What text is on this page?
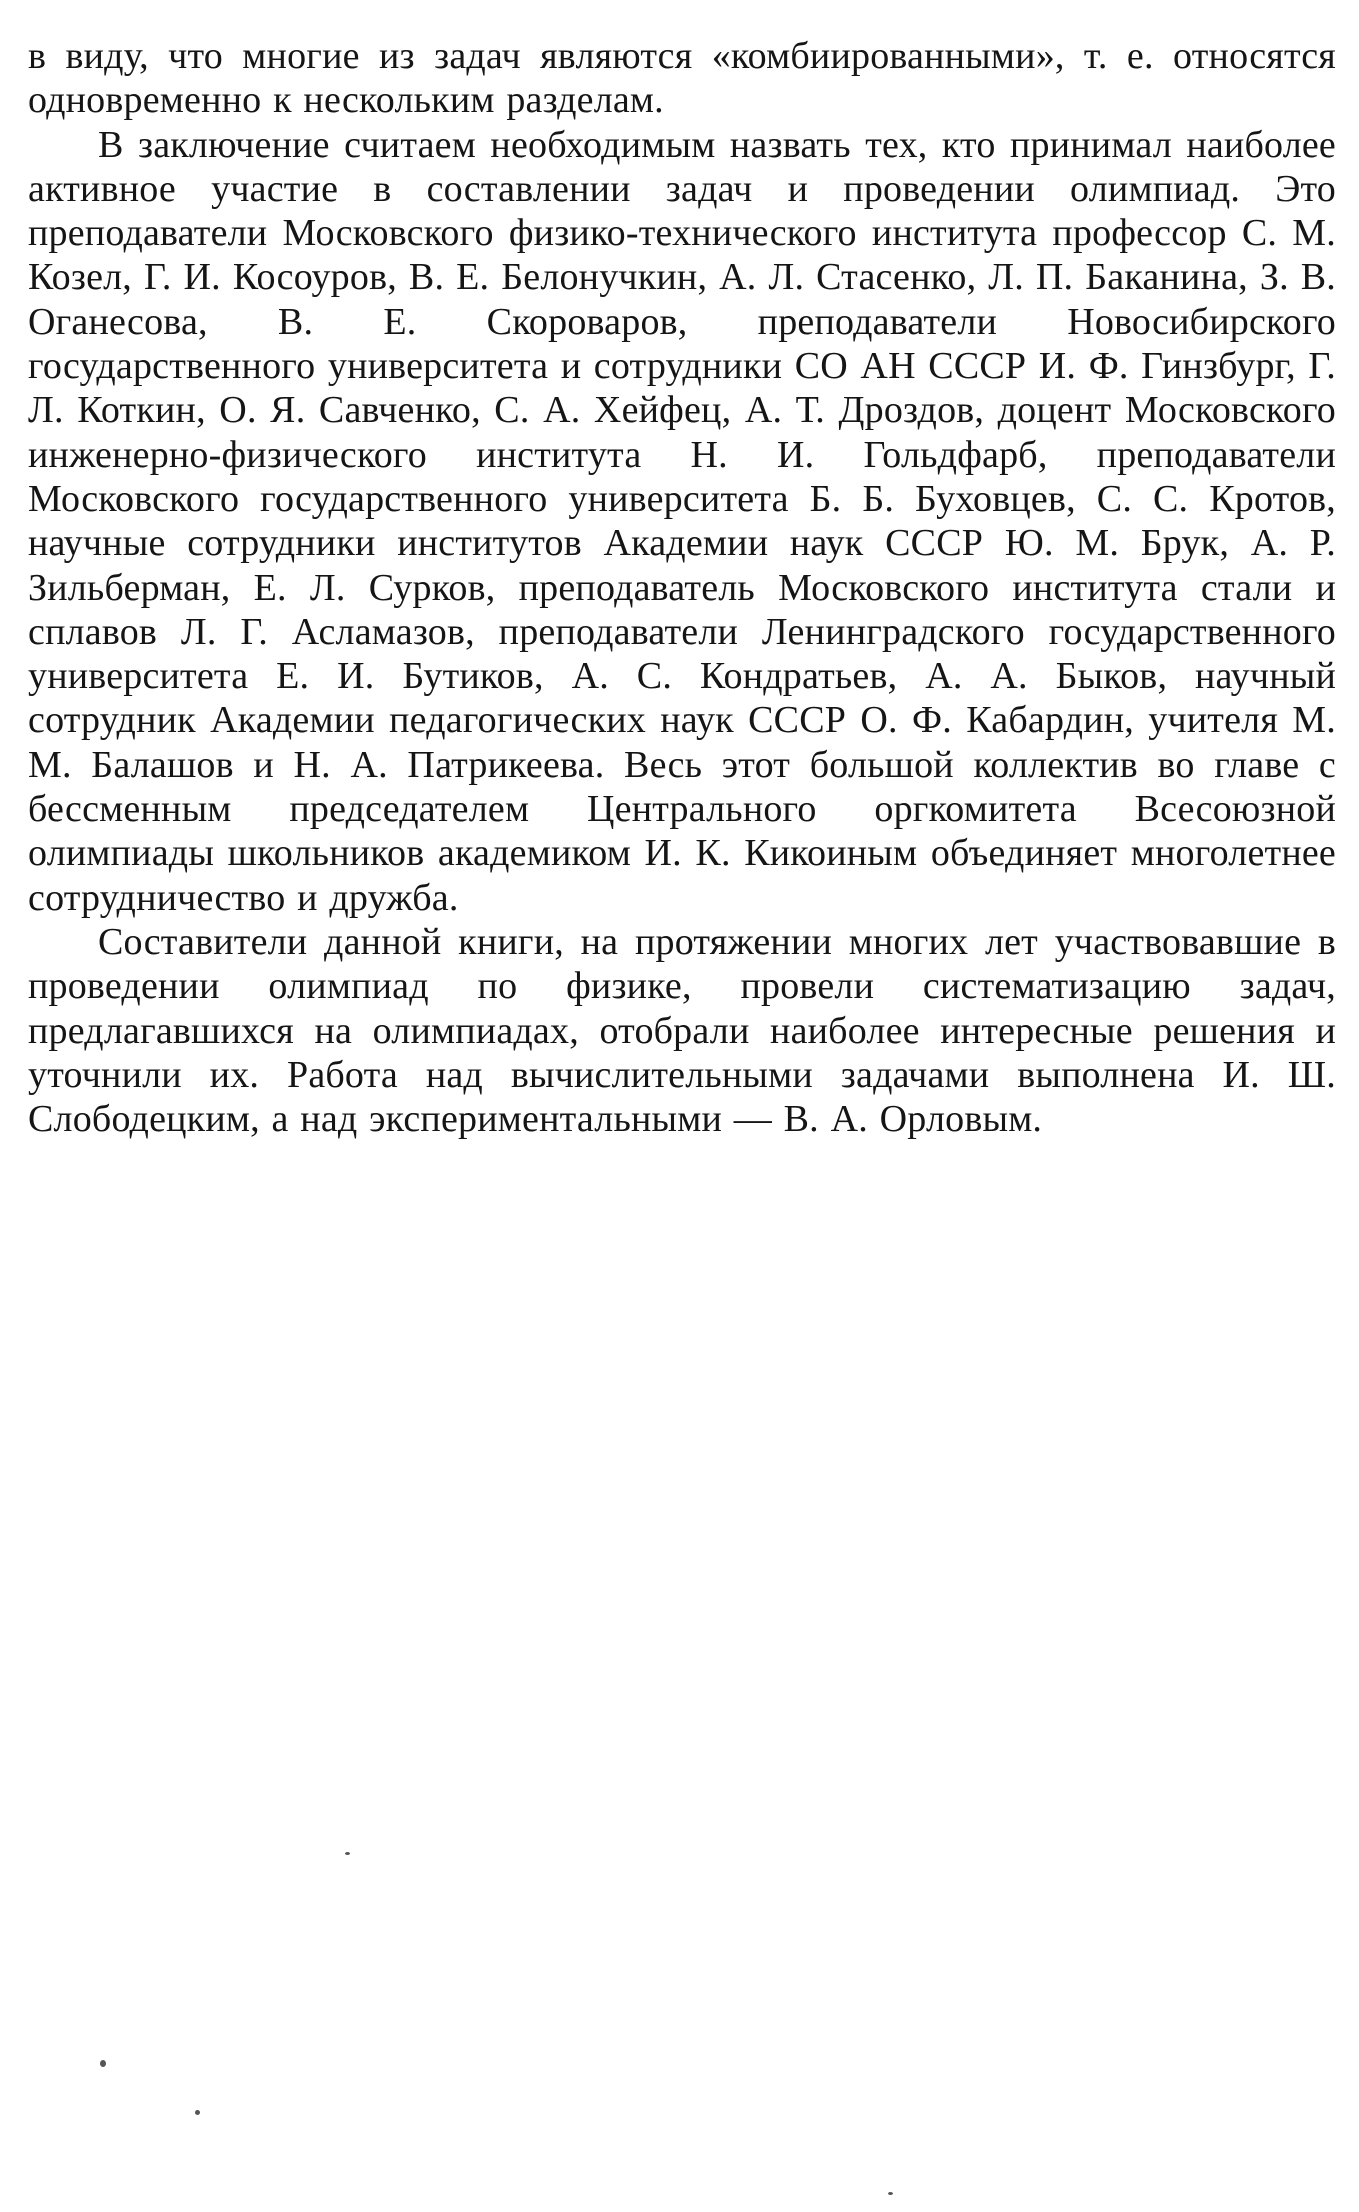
в виду, что многие из задач являются «комбиированными», т. е. относятся одновременно к нескольким разделам.

В заключение считаем необходимым назвать тех, кто принимал наиболее активное участие в составлении задач и проведении олимпиад. Это преподаватели Московского физико-технического института профессор С. М. Козел, Г. И. Косоуров, В. Е. Белонучкин, А. Л. Стасенко, Л. П. Баканина, З. В. Оганесова, В. Е. Скороваров, преподаватели Новосибирского государственного университета и сотрудники СО АН СССР И. Ф. Гинзбург, Г. Л. Коткин, О. Я. Савченко, С. А. Хейфец, А. Т. Дроздов, доцент Московского инженерно-физического института Н. И. Гольдфарб, преподаватели Московского государственного университета Б. Б. Буховцев, С. С. Кротов, научные сотрудники институтов Академии наук СССР Ю. М. Брук, А. Р. Зильберман, Е. Л. Сурков, преподаватель Московского института стали и сплавов Л. Г. Асламазов, преподаватели Ленинградского государственного университета Е. И. Бутиков, А. С. Кондратьев, А. А. Быков, научный сотрудник Академии педагогических наук СССР О. Ф. Кабардин, учителя М. М. Балашов и Н. А. Патрикеева. Весь этот большой коллектив во главе с бессменным председателем Центрального оргкомитета Всесоюзной олимпиады школьников академиком И. К. Кикоиным объединяет многолетнее сотрудничество и дружба.

Составители данной книги, на протяжении многих лет участвовавшие в проведении олимпиад по физике, провели систематизацию задач, предлагавшихся на олимпиадах, отобрали наиболее интересные решения и уточнили их. Работа над вычислительными задачами выполнена И. Ш. Слободецким, а над экспериментальными — В. А. Орловым.
